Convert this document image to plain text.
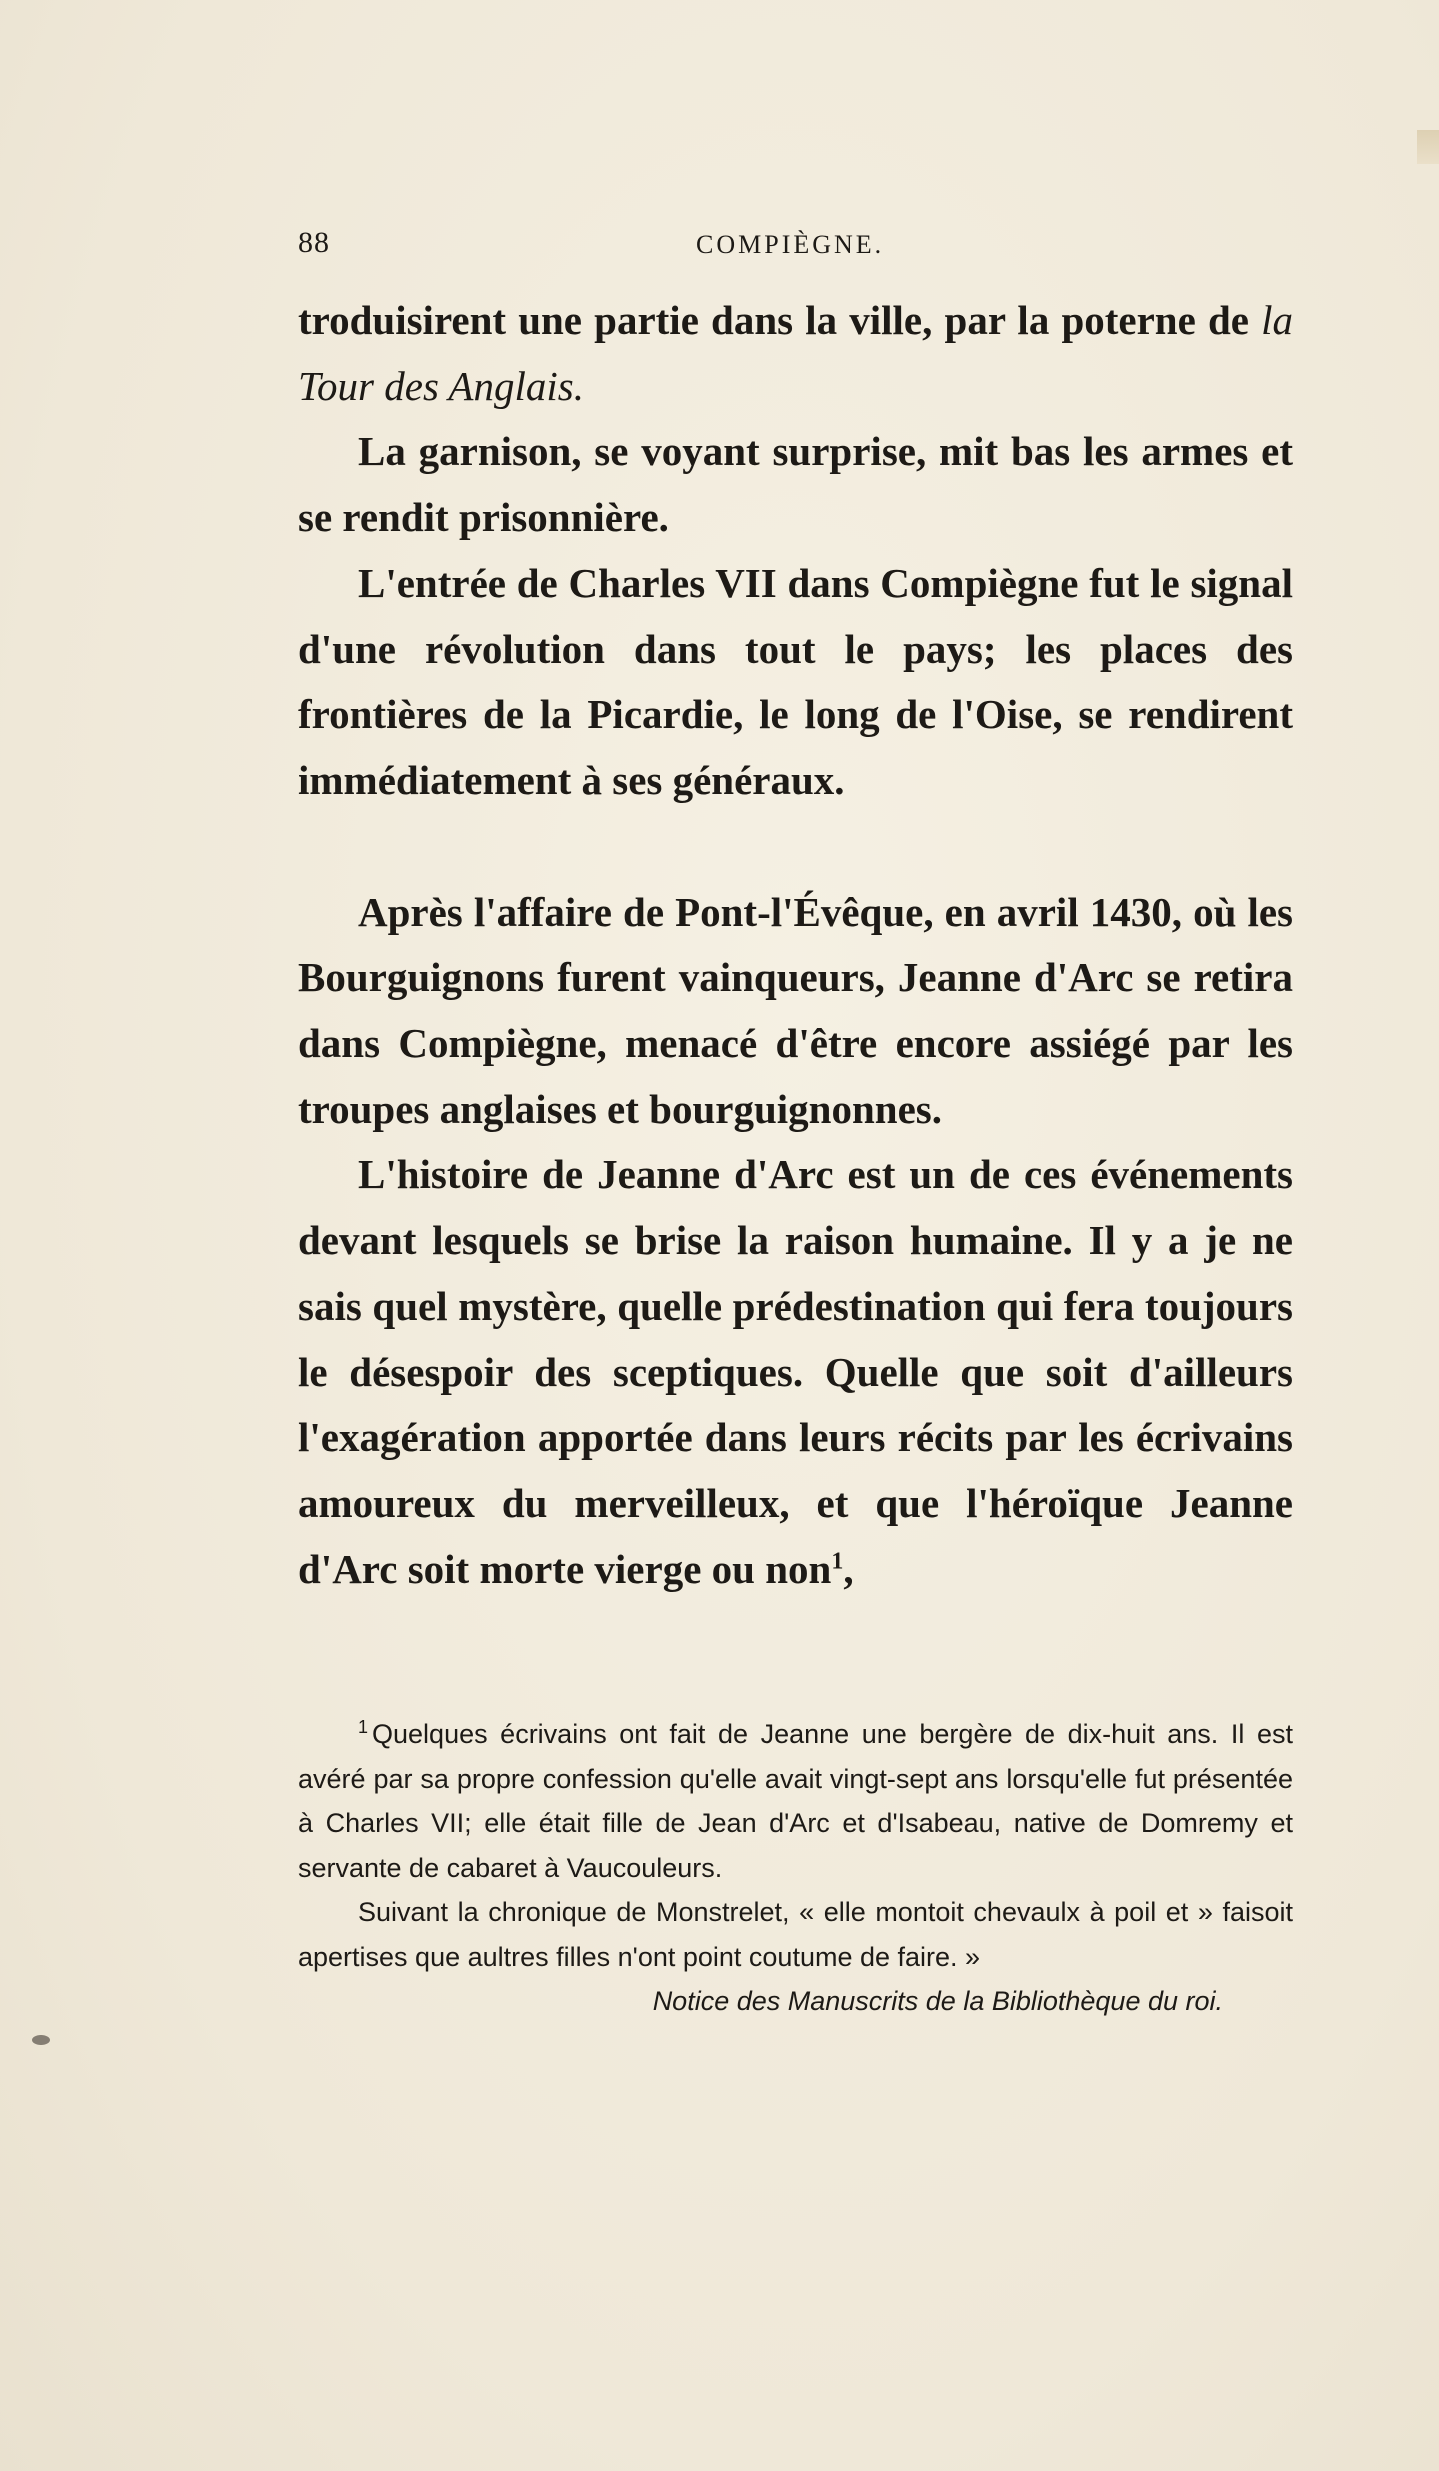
88	COMPIÈGNE.

troduisirent une partie dans la ville, par la poterne de la Tour des Anglais.

La garnison, se voyant surprise, mit bas les armes et se rendit prisonnière.

L'entrée de Charles VII dans Compiègne fut le signal d'une révolution dans tout le pays; les places des frontières de la Picardie, le long de l'Oise, se rendirent immédiatement à ses généraux.

Après l'affaire de Pont-l'Évêque, en avril 1430, où les Bourguignons furent vainqueurs, Jeanne d'Arc se retira dans Compiègne, menacé d'être encore assiégé par les troupes anglaises et bourguignonnes.

L'histoire de Jeanne d'Arc est un de ces événements devant lesquels se brise la raison humaine. Il y a je ne sais quel mystère, quelle prédestination qui fera toujours le désespoir des sceptiques. Quelle que soit d'ailleurs l'exagération apportée dans leurs récits par les écrivains amoureux du merveilleux, et que l'héroïque Jeanne d'Arc soit morte vierge ou non$^1$,

$^1$ Quelques écrivains ont fait de Jeanne une bergère de dix-huit ans. Il est avéré par sa propre confession qu'elle avait vingt-sept ans lorsqu'elle fut présentée à Charles VII; elle était fille de Jean d'Arc et d'Isabeau, native de Domremy et servante de cabaret à Vaucouleurs.

Suivant la chronique de Monstrelet, « elle montoit chevaulx à poil et » faisoit apertises que aultres filles n'ont point coutume de faire. »

Notice des Manuscrits de la Bibliothèque du roi.
